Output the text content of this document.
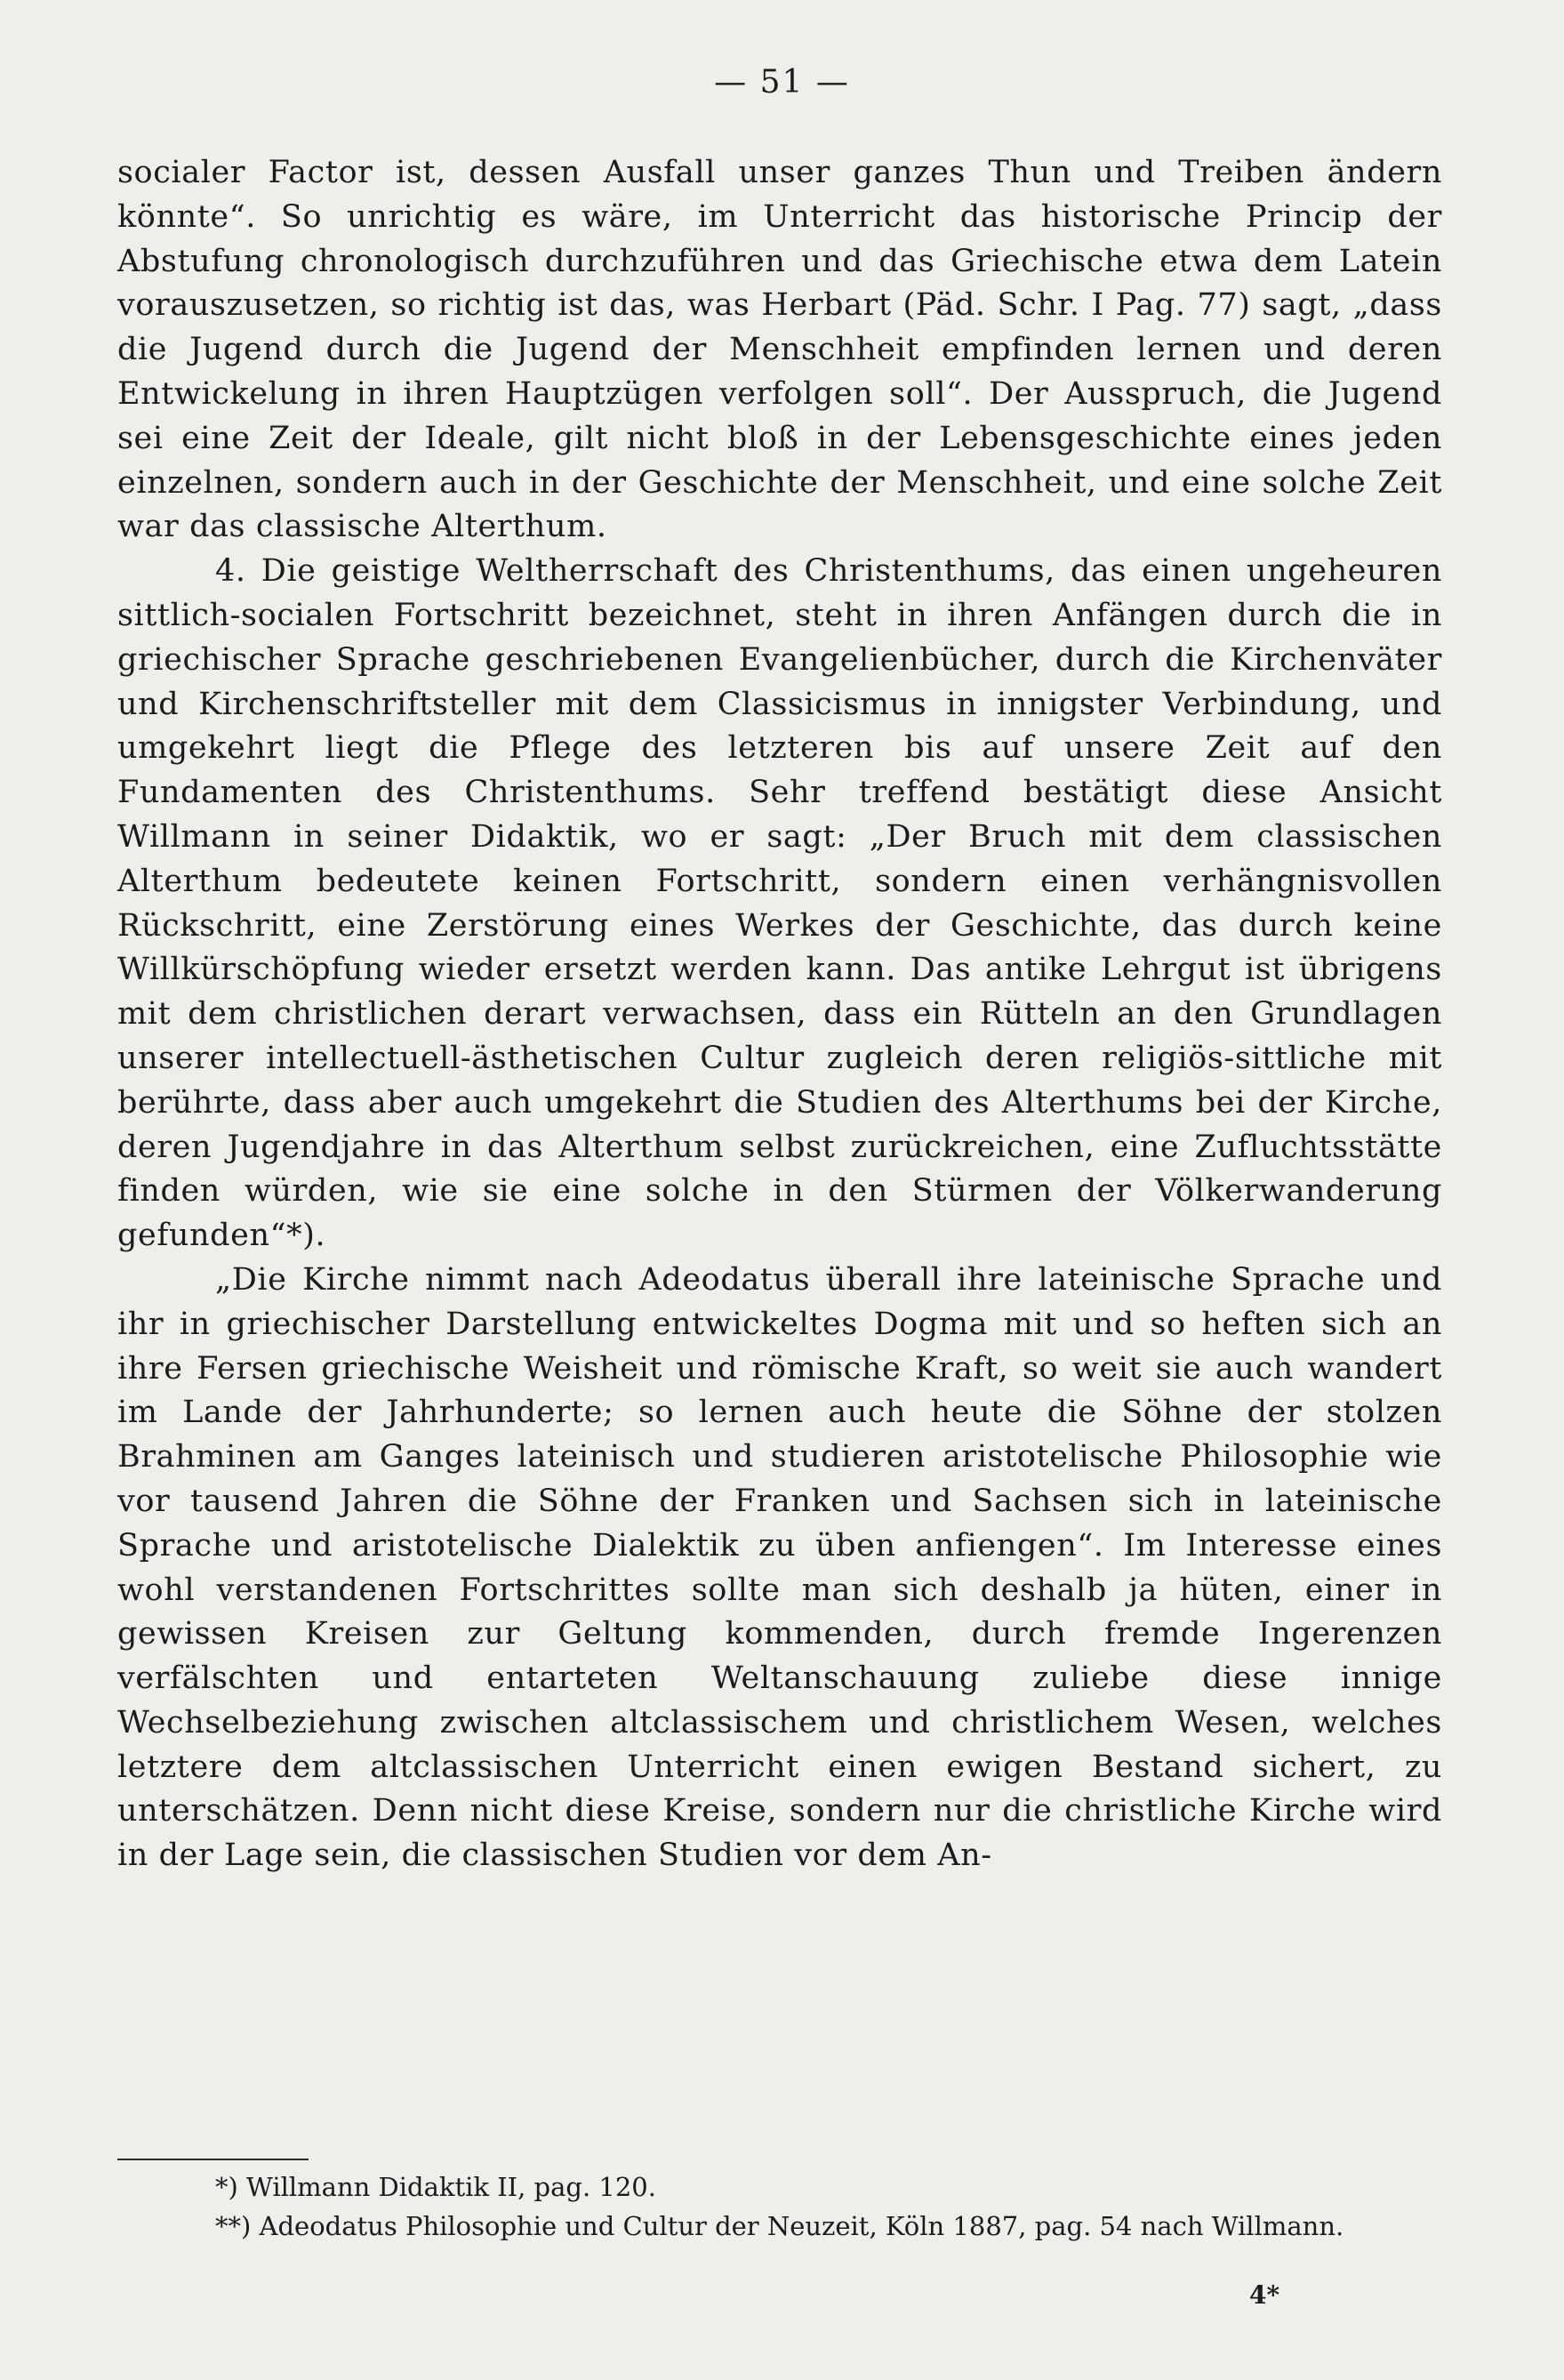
— 51 —

socialer Factor ist, dessen Ausfall unser ganzes Thun und Treiben ändern könnte“. So unrichtig es wäre, im Unterricht das historische Princip der Abstufung chronologisch durchzuführen und das Griechische etwa dem Latein vorauszusetzen, so richtig ist das, was Herbart (Päd. Schr. I Pag. 77) sagt, „dass die Jugend durch die Jugend der Menschheit empfinden lernen und deren Entwickelung in ihren Hauptzügen verfolgen soll“. Der Ausspruch, die Jugend sei eine Zeit der Ideale, gilt nicht bloß in der Lebensgeschichte eines jeden einzelnen, sondern auch in der Geschichte der Menschheit, und eine solche Zeit war das classische Alterthum.

4. Die geistige Weltherrschaft des Christenthums, das einen ungeheuren sittlich-socialen Fortschritt bezeichnet, steht in ihren Anfängen durch die in griechischer Sprache geschriebenen Evangelienbücher, durch die Kirchenväter und Kirchenschriftsteller mit dem Classicismus in innigster Verbindung, und umgekehrt liegt die Pflege des letzteren bis auf unsere Zeit auf den Fundamenten des Christenthums. Sehr treffend bestätigt diese Ansicht Willmann in seiner Didaktik, wo er sagt: „Der Bruch mit dem classischen Alterthum bedeutete keinen Fortschritt, sondern einen verhängnisvollen Rückschritt, eine Zerstörung eines Werkes der Geschichte, das durch keine Willkürschöpfung wieder ersetzt werden kann. Das antike Lehrgut ist übrigens mit dem christlichen derart verwachsen, dass ein Rütteln an den Grundlagen unserer intellectuell-ästhetischen Cultur zugleich deren religiös-sittliche mit berührte, dass aber auch umgekehrt die Studien des Alterthums bei der Kirche, deren Jugendjahre in das Alterthum selbst zurückreichen, eine Zufluchtsstätte finden würden, wie sie eine solche in den Stürmen der Völkerwanderung gefunden“*).

„Die Kirche nimmt nach Adeodatus überall ihre lateinische Sprache und ihr in griechischer Darstellung entwickeltes Dogma mit und so heften sich an ihre Fersen griechische Weisheit und römische Kraft, so weit sie auch wandert im Lande der Jahrhunderte; so lernen auch heute die Söhne der stolzen Brahminen am Ganges lateinisch und studieren aristotelische Philosophie wie vor tausend Jahren die Söhne der Franken und Sachsen sich in lateinische Sprache und aristotelische Dialektik zu üben anfiengen“. Im Interesse eines wohl verstandenen Fortschrittes sollte man sich deshalb ja hüten, einer in gewissen Kreisen zur Geltung kommenden, durch fremde Ingerenzen verfälschten und entarteten Weltanschauung zuliebe diese innige Wechselbeziehung zwischen altclassischem und christlichem Wesen, welches letztere dem altclassischen Unterricht einen ewigen Bestand sichert, zu unterschätzen. Denn nicht diese Kreise, sondern nur die christliche Kirche wird in der Lage sein, die classischen Studien vor dem An-

*) Willmann Didaktik II, pag. 120.

**) Adeodatus Philosophie und Cultur der Neuzeit, Köln 1887, pag. 54 nach Willmann.

4*
